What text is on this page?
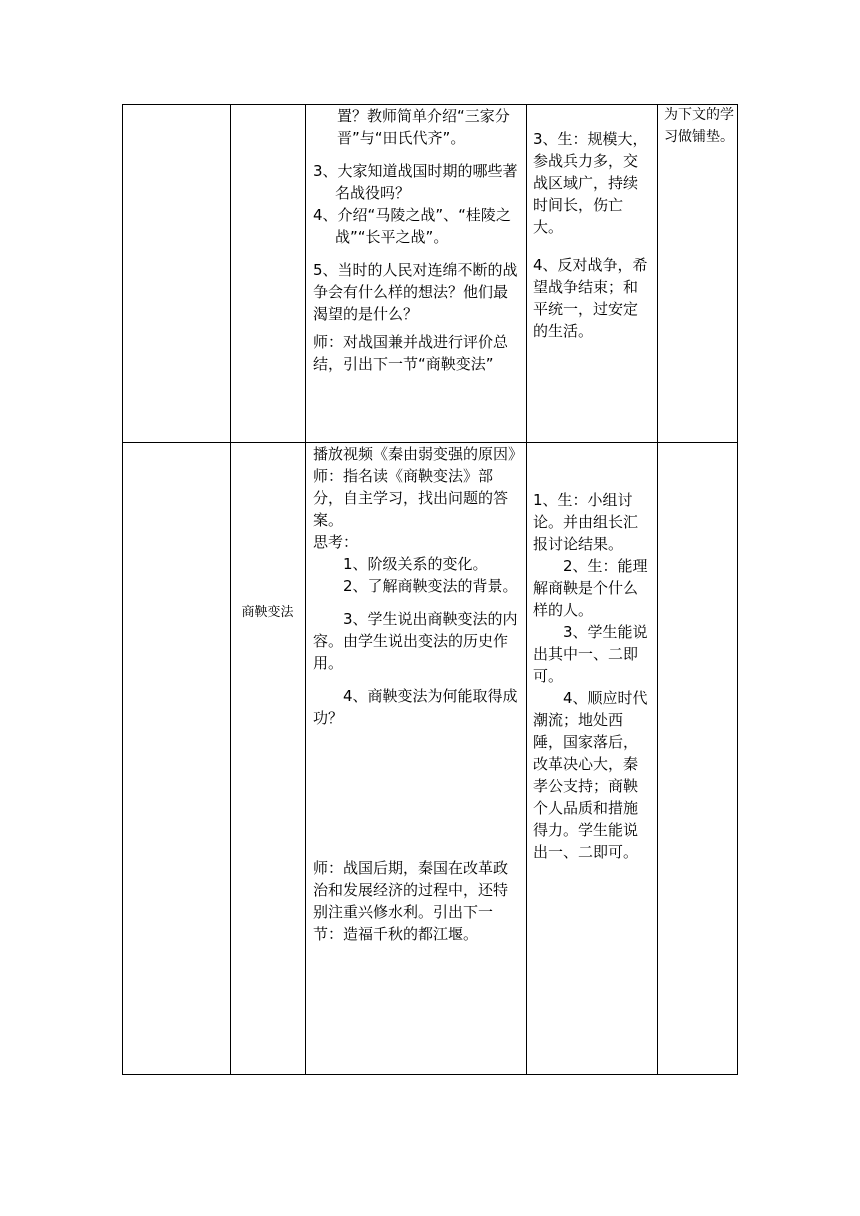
置？教师简单介绍“三家分晋”与“田氏代齐”。

3、大家知道战国时期的哪些著名战役吗？

4、介绍“马陵之战”、“桂陵之战”“长平之战”。

5、当时的人民对连绵不断的战争会有什么样的想法？他们最渴望的是什么？

师：对战国兼并战进行评价总结，引出下一节“商鞅变法”

3、生：规模大，参战兵力多，交战区域广，持续时间长，伤亡大。

4、反对战争，希望战争结束；和平统一，过安定的生活。

为下文的学习做铺垫。

商鞅变法

播放视频《秦由弱变强的原因》

师：指名读《商鞅变法》部分，自主学习，找出问题的答案。

思考：

1、阶级关系的变化。

2、了解商鞅变法的背景。

3、学生说出商鞅变法的内容。由学生说出变法的历史作用。

4、商鞅变法为何能取得成功？

师：战国后期，秦国在改革政治和发展经济的过程中，还特别注重兴修水利。引出下一节：造福千秋的都江堰。

1、生：小组讨论。并由组长汇报讨论结果。

2、生：能理解商鞅是个什么样的人。

3、学生能说出其中一、二即可。

4、顺应时代潮流；地处西陲，国家落后，改革决心大，秦孝公支持；商鞅个人品质和措施得力。学生能说出一、二即可。
